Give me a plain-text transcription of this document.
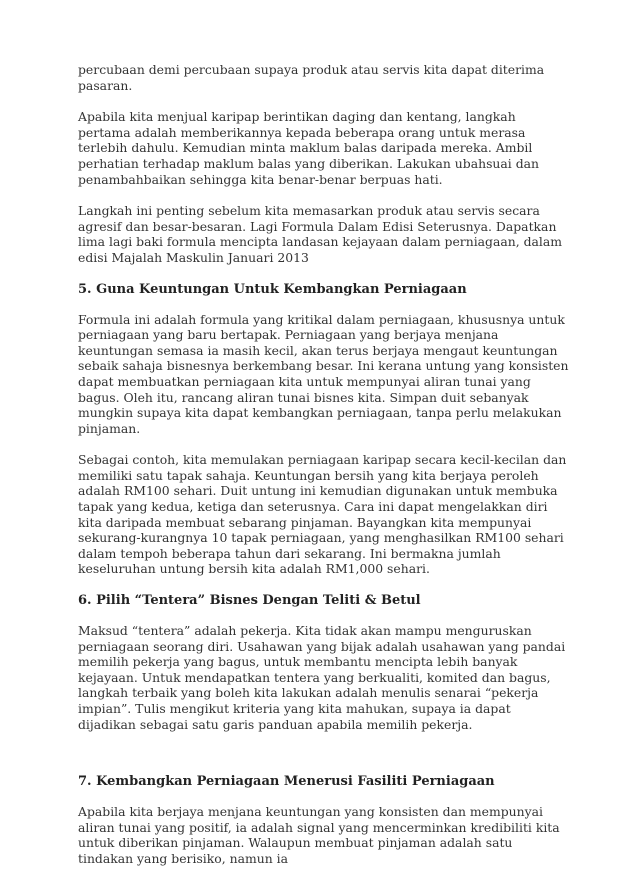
percubaan demi percubaan supaya produk atau servis kita dapat diterima pasaran.

Apabila kita menjual karipap berintikan daging dan kentang, langkah pertama adalah memberikannya kepada beberapa orang untuk merasa terlebih dahulu. Kemudian minta maklum balas daripada mereka. Ambil perhatian terhadap maklum balas yang diberikan. Lakukan ubahsuai dan penambahbaikan sehingga kita benar-benar berpuas hati.

Langkah ini penting sebelum kita memasarkan produk atau servis secara agresif dan besar-besaran. Lagi Formula Dalam Edisi Seterusnya. Dapatkan lima lagi baki formula mencipta landasan kejayaan dalam perniagaan, dalam edisi Majalah Maskulin Januari 2013

5. Guna Keuntungan Untuk Kembangkan Perniagaan

Formula ini adalah formula yang kritikal dalam perniagaan, khususnya untuk perniagaan yang baru bertapak. Perniagaan yang berjaya menjana keuntungan semasa ia masih kecil, akan terus berjaya mengaut keuntungan sebaik sahaja bisnesnya berkembang besar. Ini kerana untung yang konsisten dapat membuatkan perniagaan kita untuk mempunyai aliran tunai yang bagus. Oleh itu, rancang aliran tunai bisnes kita. Simpan duit sebanyak mungkin supaya kita dapat kembangkan perniagaan, tanpa perlu melakukan pinjaman.

Sebagai contoh, kita memulakan perniagaan karipap secara kecil-kecilan dan memiliki satu tapak sahaja. Keuntungan bersih yang kita berjaya peroleh adalah RM100 sehari. Duit untung ini kemudian digunakan untuk membuka tapak yang kedua, ketiga dan seterusnya. Cara ini dapat mengelakkan diri kita daripada membuat sebarang pinjaman. Bayangkan kita mempunyai sekurang-kurangnya 10 tapak perniagaan, yang menghasilkan RM100 sehari dalam tempoh beberapa tahun dari sekarang. Ini bermakna jumlah keseluruhan untung bersih kita adalah RM1,000 sehari.

6. Pilih “Tentera” Bisnes Dengan Teliti & Betul

Maksud “tentera” adalah pekerja. Kita tidak akan mampu menguruskan perniagaan seorang diri. Usahawan yang bijak adalah usahawan yang pandai memilih pekerja yang bagus, untuk membantu mencipta lebih banyak kejayaan. Untuk mendapatkan tentera yang berkualiti, komited dan bagus, langkah terbaik yang boleh kita lakukan adalah menulis senarai “pekerja impian”. Tulis mengikut kriteria yang kita mahukan, supaya ia dapat dijadikan sebagai satu garis panduan apabila memilih pekerja.

7. Kembangkan Perniagaan Menerusi Fasiliti Perniagaan

Apabila kita berjaya menjana keuntungan yang konsisten dan mempunyai aliran tunai yang positif, ia adalah signal yang mencerminkan kredibiliti kita untuk diberikan pinjaman. Walaupun membuat pinjaman adalah satu tindakan yang berisiko, namun ia
